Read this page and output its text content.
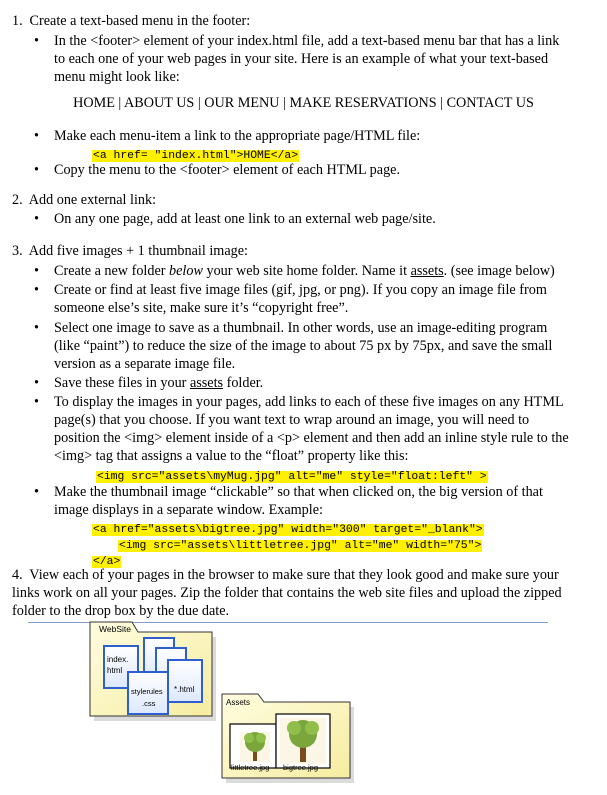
1. Create a text-based menu in the footer:
• In the <footer> element of your index.html file, add a text-based menu bar that has a link to each one of your web pages in your site. Here is an example of what your text-based menu might look like:
HOME | ABOUT US | OUR MENU | MAKE RESERVATIONS | CONTACT US
• Make each menu-item a link to the appropriate page/HTML file:
<a href= "index.html">HOME</a>
• Copy the menu to the <footer> element of each HTML page.
2. Add one external link:
• On any one page, add at least one link to an external web page/site.
3. Add five images + 1 thumbnail image:
• Create a new folder below your web site home folder. Name it assets. (see image below)
• Create or find at least five image files (gif, jpg, or png). If you copy an image file from someone else’s site, make sure it’s “copyright free”.
• Select one image to save as a thumbnail. In other words, use an image-editing program (like “paint”) to reduce the size of the image to about 75 px by 75px, and save the small version as a separate image file.
• Save these files in your assets folder.
• To display the images in your pages, add links to each of these five images on any HTML page(s) that you choose. If you want text to wrap around an image, you will need to position the <img> element inside of a <p> element and then add an inline style rule to the <img> tag that assigns a value to the “float” property like this:
<img src="assets\myMug.jpg" alt="me" style="float:left" >
• Make the thumbnail image “clickable” so that when clicked on, the big version of that image displays in a separate window. Example:
<a href="assets\bigtree.jpg" width="300" target="_blank">
<img src="assets\littletree.jpg" alt="me" width="75">
</a>
4. View each of your pages in the browser to make sure that they look good and make sure your links work on all your pages. Zip the folder that contains the web site files and upload the zipped folder to the drop box by the due date.
WebSite
index.
html
stylerules
.css
*.html
Assets
littletree.jpg bigtree.jpg
